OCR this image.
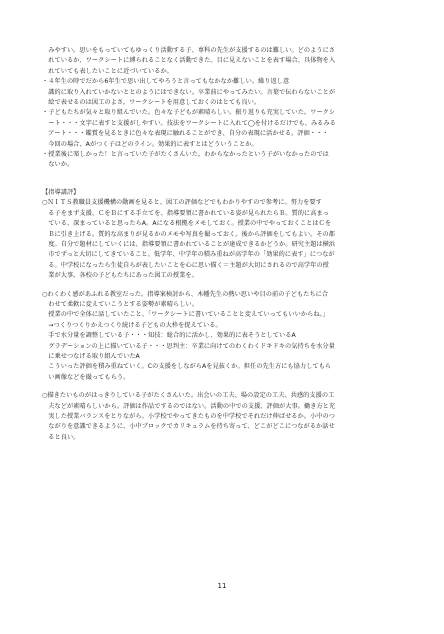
　みやすい。思いをもっていてもゆっくり活動する子、専科の先生が支援するのは難しい。どのようにさ

　れているか、ワークシートに縛られることなく活動できた。目に見えないことを表す場合、具体物を入

　れていても表したいことに近づいているか。

・４年生の時でだから6年生で思い出してやろうと言ってもなかなか難しい。繰り返し意

　識的に取り入れていかないととのようにはできない。卒業前にやってみたい。言葉で伝わらないことが

　絵で表せるのは図工のよさ。ワークシートを用意しておくのはとても良い。

・子どもたちが気々と取り組んでいた。色々な子どもが素晴らしい。振り返りも充実していた。ワークシ

　ート・・・文字に表すと支援がしやすい。技法をワークシートに入れて◯を付けるだけでも、みるみる

　アート・・・鑑賞を見るときに色々な表現に触れることができ、自分の表現に活かせる。評価・・・

　今回の場合、Aがつく子はどのライン。効果的に表すとはどういうことか。

・授業後に楽しかった！と言っていた子がたくさんいた。わからなかったという子がいなかったのでは

　ないか。

【指導講評】

○ＮＩＴＳ教職員支援機構の動画を見ると、図工の評価などでもわかりやすので参考に。努力を要す

　る子をまず支援、ＣをＢにする手立てを。指導要領に書かれている姿が見られたらＢ。質的に高まっ

　ている、深まっていると思ったらA。Aになる根拠をメモしておく。授業の中でやっておくことはＣを

　Ｂに引き上げる。質的な高まりが見るかのメモや写真を撮っておく。後から評価をしてもよい。その都

　度。自分で題材にしていくには、指導要領に書かれていることが達成できるかどうか。研究主題は横浜

　市でずっと大切にしてきていること。低学年、中学年の積み重ねが高学年の「効果的に表す」につなが

　る。中学校になったら生徒自らが表したいことを心に思い描く＝主題が大切にされるので高学年の授

　業が大事。各校の子どもたちにあった図工の授業を。

○わくわく感があふれる教室だった。指導案検討から、木幡先生の熱い思いや目の前の子どもたちに合

　わせて柔軟に変えていこうとする姿勢が素晴らしい。

　授業の中で全体に話していたこと、「ワークシートに書いていることと変えていってもいいからね。」

　→つくりつくりかえつくり続ける子どもの大枠を捉えている。

　手で水分量を調整している子・・・知技：総合的に活かし、効果的に表そうとしているA

　グラデーションの上に描いている子・・・思判主：卒業に向けてのわくわくドキドキの気持ちを水分量

　に乗せつなげる取り組んでいたA

　こういった評価を積み重ねていく。Cの支援をしながらAを見抜くか。担任の先生方にも協力してもら

　い画像などを撮ってもらう。

○描きたいものがはっきりしている子がたくさんいた。出会いの工夫、場の設定の工夫、共感的支援の工

　夫などが素晴らしいから。評価は作品でするのではない。活動の中での支援、評価が大事。働き方と充

　実した授業バランスをとりながら。小学校でやってきたものを中学校でそれだけ伸ばせるか。小中のつ

　ながりを意識できるように、小中ブロックでカリキュラムを持ち寄って、どこがどこにつながるか話せ

　ると良い。

11
